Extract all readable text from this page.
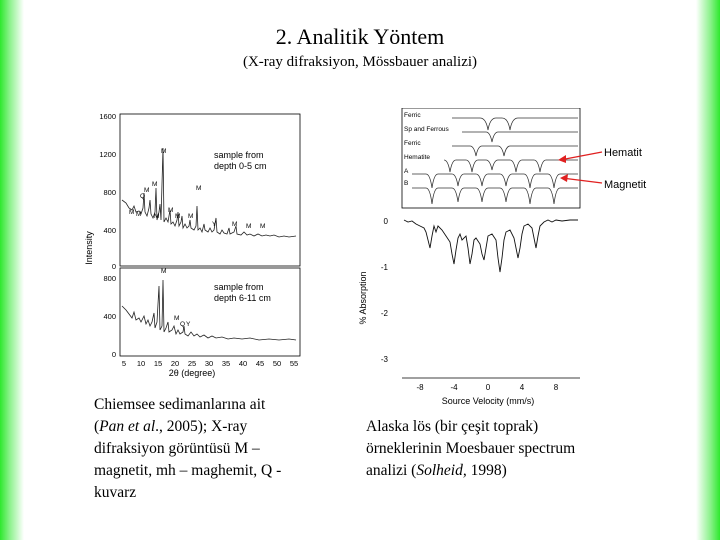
2. Analitik Yöntem
(X-ray difraksiyon, Mössbauer analizi)
Intensity
1600
1200
800
400
0
sample from
depth 0-5 cm
M
M
M
Q
M
M M
M
M M
M
Y M M M
800
400
0
sample from
depth 6-11 cm
M
M
Q Y
5 10 15 20 25 30 35 40 45 50 55
2θ (degree)
Ferric
Sp and Ferrous
Ferric
Hematite
A
B
Hematit
Magnetit
0
-1
-2
-3
% Absorption
-8	-4	0	4	8
Source Velocity (mm/s)
Chiemsee sedimanlarına ait
(Pan et al., 2005); X-ray
difraksiyon görüntüsü M –
magnetit, mh – maghemit, Q -
kuvarz
Alaska lös (bir çeşit toprak)
örneklerinin Moesbauer spectrum
analizi (Solheid, 1998)
